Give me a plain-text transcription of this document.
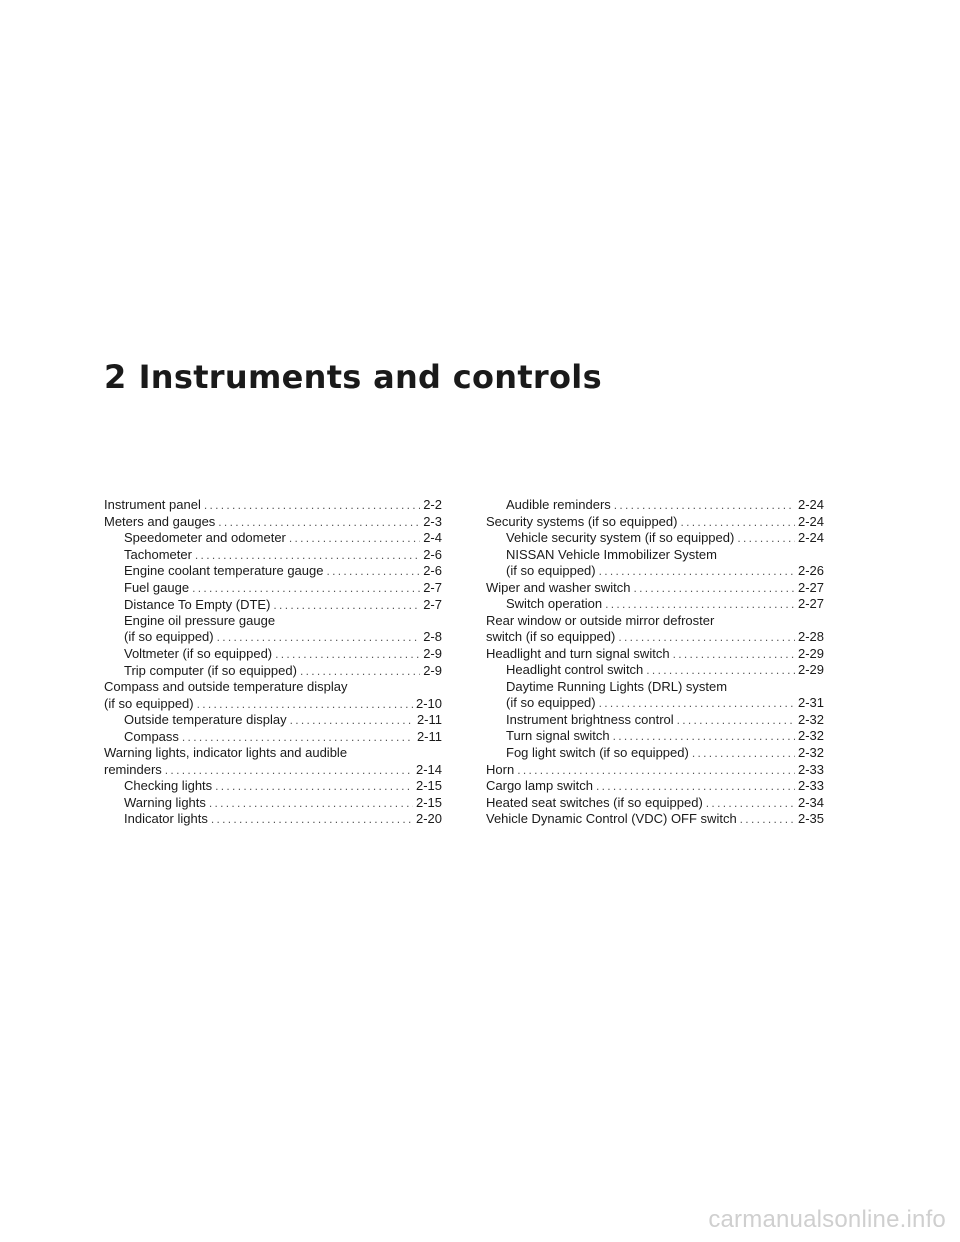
2 Instruments and controls
Instrument panel .....	2-2
Meters and gauges .....	2-3
Speedometer and odometer .....	2-4
Tachometer .....	2-6
Engine coolant temperature gauge .....	2-6
Fuel gauge .....	2-7
Distance To Empty (DTE) .....	2-7
Engine oil pressure gauge
(if so equipped) .....	2-8
Voltmeter (if so equipped) .....	2-9
Trip computer (if so equipped) .....	2-9
Compass and outside temperature display
(if so equipped) .....	2-10
Outside temperature display .....	2-11
Compass .....	2-11
Warning lights, indicator lights and audible
reminders .....	2-14
Checking lights .....	2-15
Warning lights .....	2-15
Indicator lights .....	2-20
Audible reminders .....	2-24
Security systems (if so equipped) .....	2-24
Vehicle security system (if so equipped) .....	2-24
NISSAN Vehicle Immobilizer System
(if so equipped) .....	2-26
Wiper and washer switch .....	2-27
Switch operation .....	2-27
Rear window or outside mirror defroster
switch (if so equipped) .....	2-28
Headlight and turn signal switch .....	2-29
Headlight control switch .....	2-29
Daytime Running Lights (DRL) system
(if so equipped) .....	2-31
Instrument brightness control .....	2-32
Turn signal switch .....	2-32
Fog light switch (if so equipped) .....	2-32
Horn .....	2-33
Cargo lamp switch .....	2-33
Heated seat switches (if so equipped) .....	2-34
Vehicle Dynamic Control (VDC) OFF switch .....	2-35
carmanualsonline.info
